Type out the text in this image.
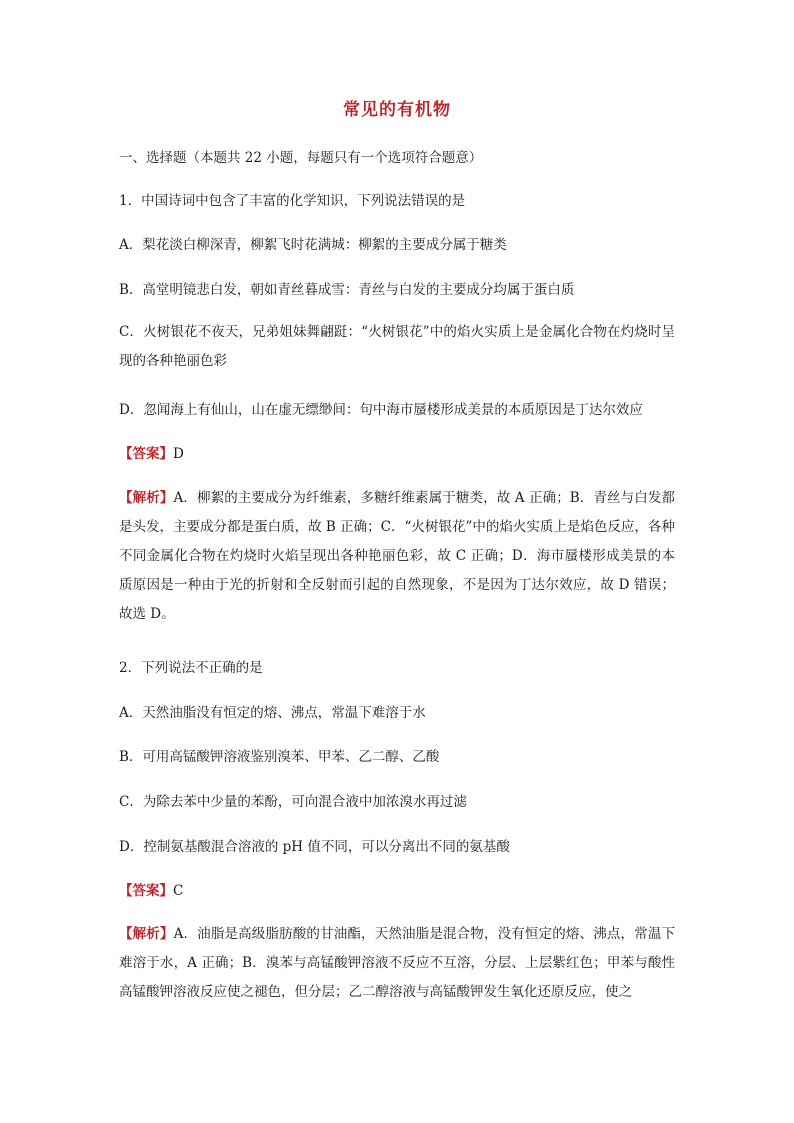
常见的有机物
一、选择题（本题共 22 小题，每题只有一个选项符合题意）
1．中国诗词中包含了丰富的化学知识，下列说法错误的是
A．梨花淡白柳深青，柳絮飞时花满城：柳絮的主要成分属于糖类
B．高堂明镜悲白发，朝如青丝暮成雪：青丝与白发的主要成分均属于蛋白质
C．火树银花不夜天，兄弟姐妹舞翩跹：“火树银花”中的焰火实质上是金属化合物在灼烧时呈现的各种艳丽色彩
D．忽闻海上有仙山，山在虚无缥缈间：句中海市蜃楼形成美景的本质原因是丁达尔效应
【答案】D
【解析】A．柳絮的主要成分为纤维素，多糖纤维素属于糖类，故 A 正确；B．青丝与白发都是头发，主要成分都是蛋白质，故 B 正确；C．“火树银花”中的焰火实质上是焰色反应，各种不同金属化合物在灼烧时火焰呈现出各种艳丽色彩，故 C 正确；D．海市蜃楼形成美景的本质原因是一种由于光的折射和全反射而引起的自然现象，不是因为丁达尔效应，故 D 错误；故选 D。
2．下列说法不正确的是
A．天然油脂没有恒定的熔、沸点，常温下难溶于水
B．可用高锰酸钾溶液鉴别溴苯、甲苯、乙二醇、乙酸
C．为除去苯中少量的苯酚，可向混合液中加浓溴水再过滤
D．控制氨基酸混合溶液的 pH 值不同，可以分离出不同的氨基酸
【答案】C
【解析】A．油脂是高级脂肪酸的甘油酯，天然油脂是混合物，没有恒定的熔、沸点，常温下难溶于水，A 正确；B．溴苯与高锰酸钾溶液不反应不互溶，分层、上层紫红色；甲苯与酸性高锰酸钾溶液反应使之褪色，但分层；乙二醇溶液与高锰酸钾发生氧化还原反应，使之
